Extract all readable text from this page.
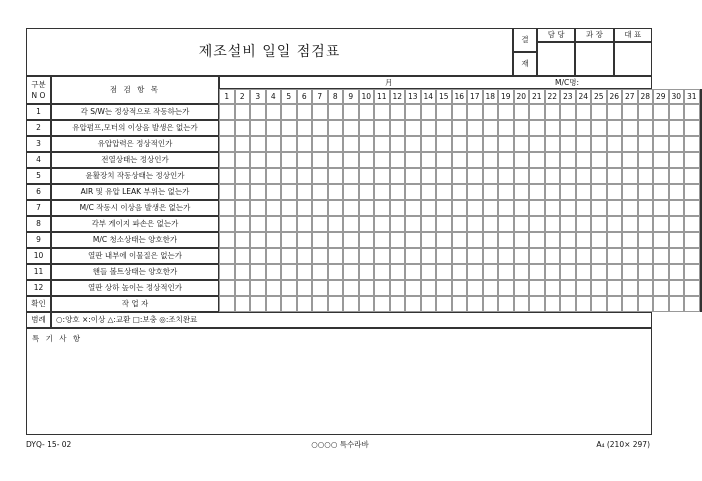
제조설비 일일 점검표
결
재
담 당	과 장	대 표
구분
N O
점 검 항 목
月	M/C명:
1	2	3	4	5	6	7	8	9	10 11 12 13 14 15 16 17 18 19 20 21 22 23 24 25 26 27 28 29 30 31
1	각 S/W는 정상적으로 작동하는가
2	유압펌프,모터의 이상음 발생은 없는가
3	유압압력은 정상적인가
4	전열상태는 정상인가
5	윤활장치 작동상태는 정상인가
6	AIR 및 유압 LEAK 부위는 없는가
7	M/C 작동시 이상음 발생은 없는가
8	각부 게이지 파손은 없는가
9	M/C 청소상태는 양호한가
10	열판 내부에 이물질은 없는가
11	핸들 볼트상태는 양호한가
12	열판 상하 높이는 정상적인가
확인	작 업 자
범례	○:양호 ×:이상 △:교환 □:보충 ◎:조치완료
특 기 사 항
DYQ- 15- 02	○○○○ 특수라바	A₄ (210× 297)
